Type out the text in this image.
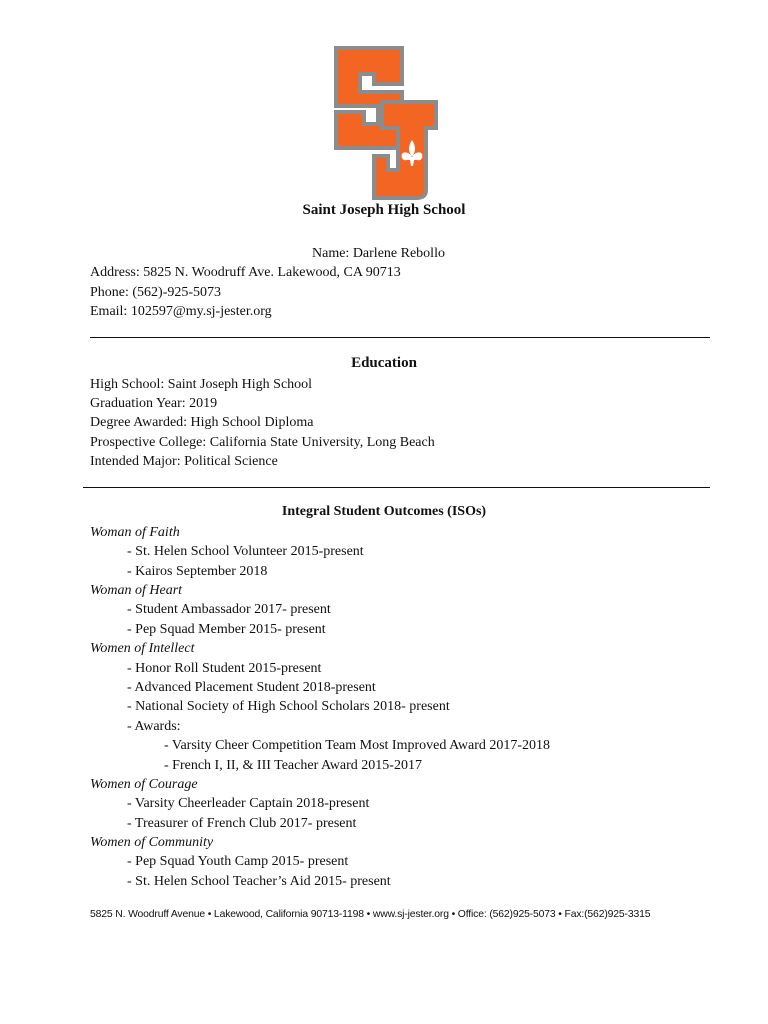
Saint Joseph High School
Name: Darlene Rebollo
Address: 5825 N. Woodruff Ave. Lakewood, CA 90713
Phone: (562)-925-5073
Email: 102597@my.sj-jester.org
Education
High School: Saint Joseph High School
Graduation Year: 2019
Degree Awarded: High School Diploma
Prospective College: California State University, Long Beach
Intended Major: Political Science
Integral Student Outcomes (ISOs)
Woman of Faith
- St. Helen School Volunteer 2015-present
- Kairos September 2018
Woman of Heart
- Student Ambassador 2017- present
- Pep Squad Member 2015- present
Women of Intellect
- Honor Roll Student 2015-present
- Advanced Placement Student 2018-present
- National Society of High School Scholars 2018- present
- Awards:
- Varsity Cheer Competition Team Most Improved Award 2017-2018
- French I, II, & III Teacher Award 2015-2017
Women of Courage
- Varsity Cheerleader Captain 2018-present
- Treasurer of French Club 2017- present
Women of Community
- Pep Squad Youth Camp 2015- present
- St. Helen School Teacher’s Aid 2015- present
5825 N. Woodruff Avenue • Lakewood, California 90713-1198 • www.sj-jester.org • Office: (562)925-5073 • Fax:(562)925-3315
